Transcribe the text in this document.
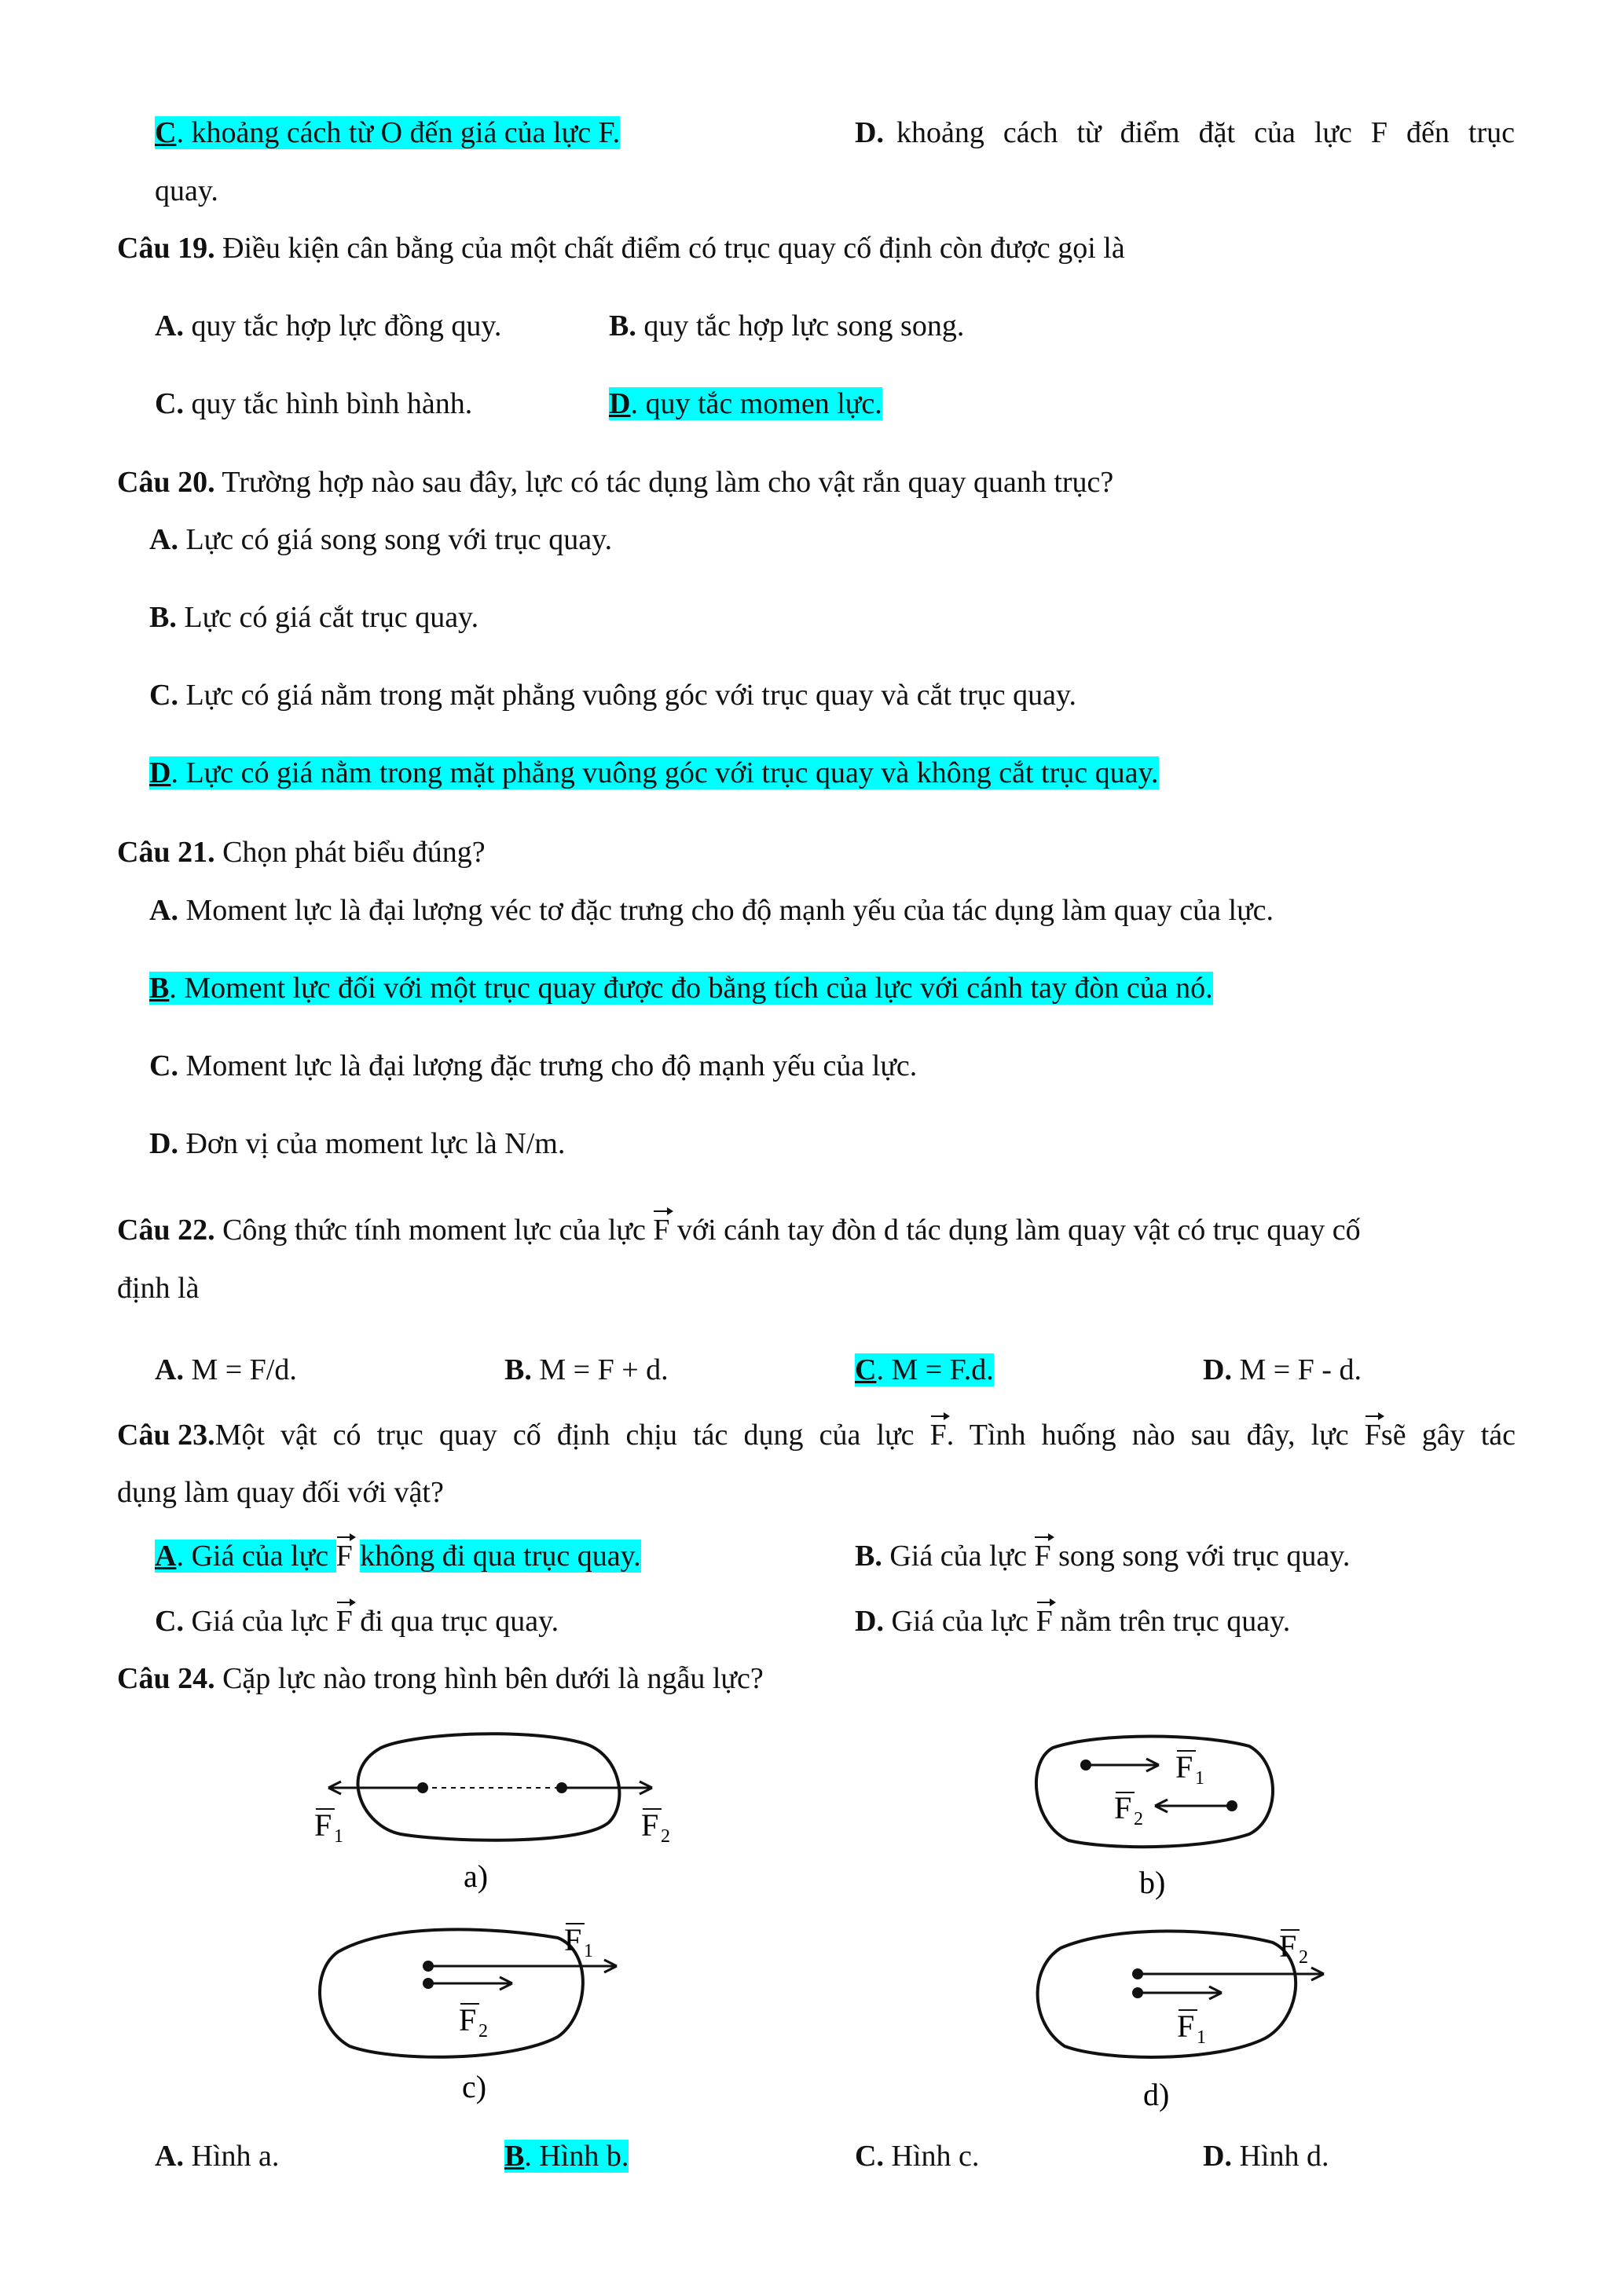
C. khoảng cách từ O đến giá của lực F.	D. khoảng cách từ điểm đặt của lực F đến trục
quay.
Câu 19. Điều kiện cân bằng của một chất điểm có trục quay cố định còn được gọi là
A. quy tắc hợp lực đồng quy.	B. quy tắc hợp lực song song.
C. quy tắc hình bình hành.	D. quy tắc momen lực.
Câu 20. Trường hợp nào sau đây, lực có tác dụng làm cho vật rắn quay quanh trục?
A. Lực có giá song song với trục quay.
B. Lực có giá cắt trục quay.
C. Lực có giá nằm trong mặt phẳng vuông góc với trục quay và cắt trục quay.
D. Lực có giá nằm trong mặt phẳng vuông góc với trục quay và không cắt trục quay.
Câu 21. Chọn phát biểu đúng?
A. Moment lực là đại lượng véc tơ đặc trưng cho độ mạnh yếu của tác dụng làm quay của lực.
B. Moment lực đối với một trục quay được đo bằng tích của lực với cánh tay đòn của nó.
C. Moment lực là đại lượng đặc trưng cho độ mạnh yếu của lực.
D. Đơn vị của moment lực là N/m.
Câu 22. Công thức tính moment lực của lực F với cánh tay đòn d tác dụng làm quay vật có trục quay cố
định là
A. M = F/d.	B. M = F + d.	C. M = F.d.	D. M = F - d.
Câu 23. Một vật có trục quay cố định chịu tác dụng của lực F. Tình huống nào sau đây, lực Fsẽ gây tác
dụng làm quay đối với vật?
A. Giá của lực F không đi qua trục quay.	B. Giá của lực F song song với trục quay.
C. Giá của lực F đi qua trục quay.	D. Giá của lực F nằm trên trục quay.
Câu 24. Cặp lực nào trong hình bên dưới là ngẫu lực?
F 1	F 2
a)
F 1
F 2
b)
F 1
F 2
c)
F 2
F 1
d)
A. Hình a.	B. Hình b.	C. Hình c.	D. Hình d.
